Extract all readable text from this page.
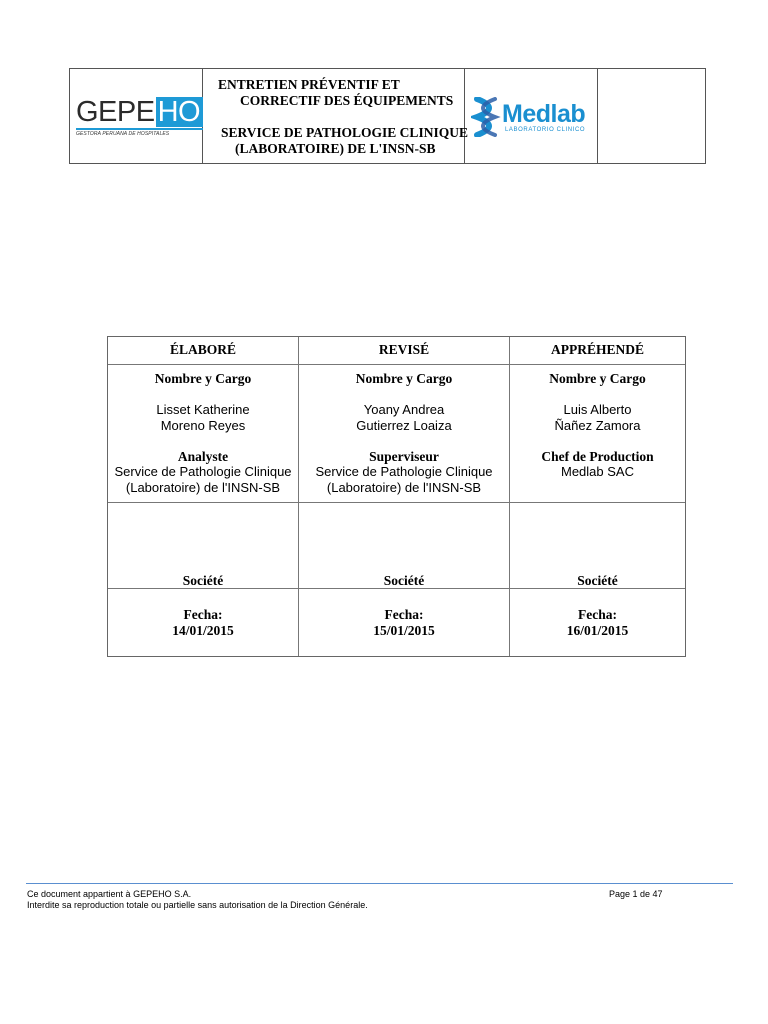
GEPE HO
GESTORA PERUANA DE HOSPITALES
ENTRETIEN PRÉVENTIF ET
CORRECTIF DES ÉQUIPEMENTS
SERVICE DE PATHOLOGIE CLINIQUE
(LABORATOIRE) DE L'INSN-SB
Medlab
LABORATORIO CLINICO
ÉLABORÉ
Nombre y Cargo
Lisset Katherine
Moreno Reyes
Analyste
Service de Pathologie Clinique
(Laboratoire) de l'INSN-SB
Société
Fecha:
14/01/2015
REVISÉ
Nombre y Cargo
Yoany Andrea
Gutierrez Loaiza
Superviseur
Service de Pathologie Clinique
(Laboratoire) de l'INSN-SB
Société
Fecha:
15/01/2015
APPRÉHENDÉ
Nombre y Cargo
Luis Alberto
Ñañez Zamora
Chef de Production
Medlab SAC
Société
Fecha:
16/01/2015
Ce document appartient à GEPEHO S.A.
Interdite sa reproduction totale ou partielle sans autorisation de la Direction Générale.
Page 1 de 47
